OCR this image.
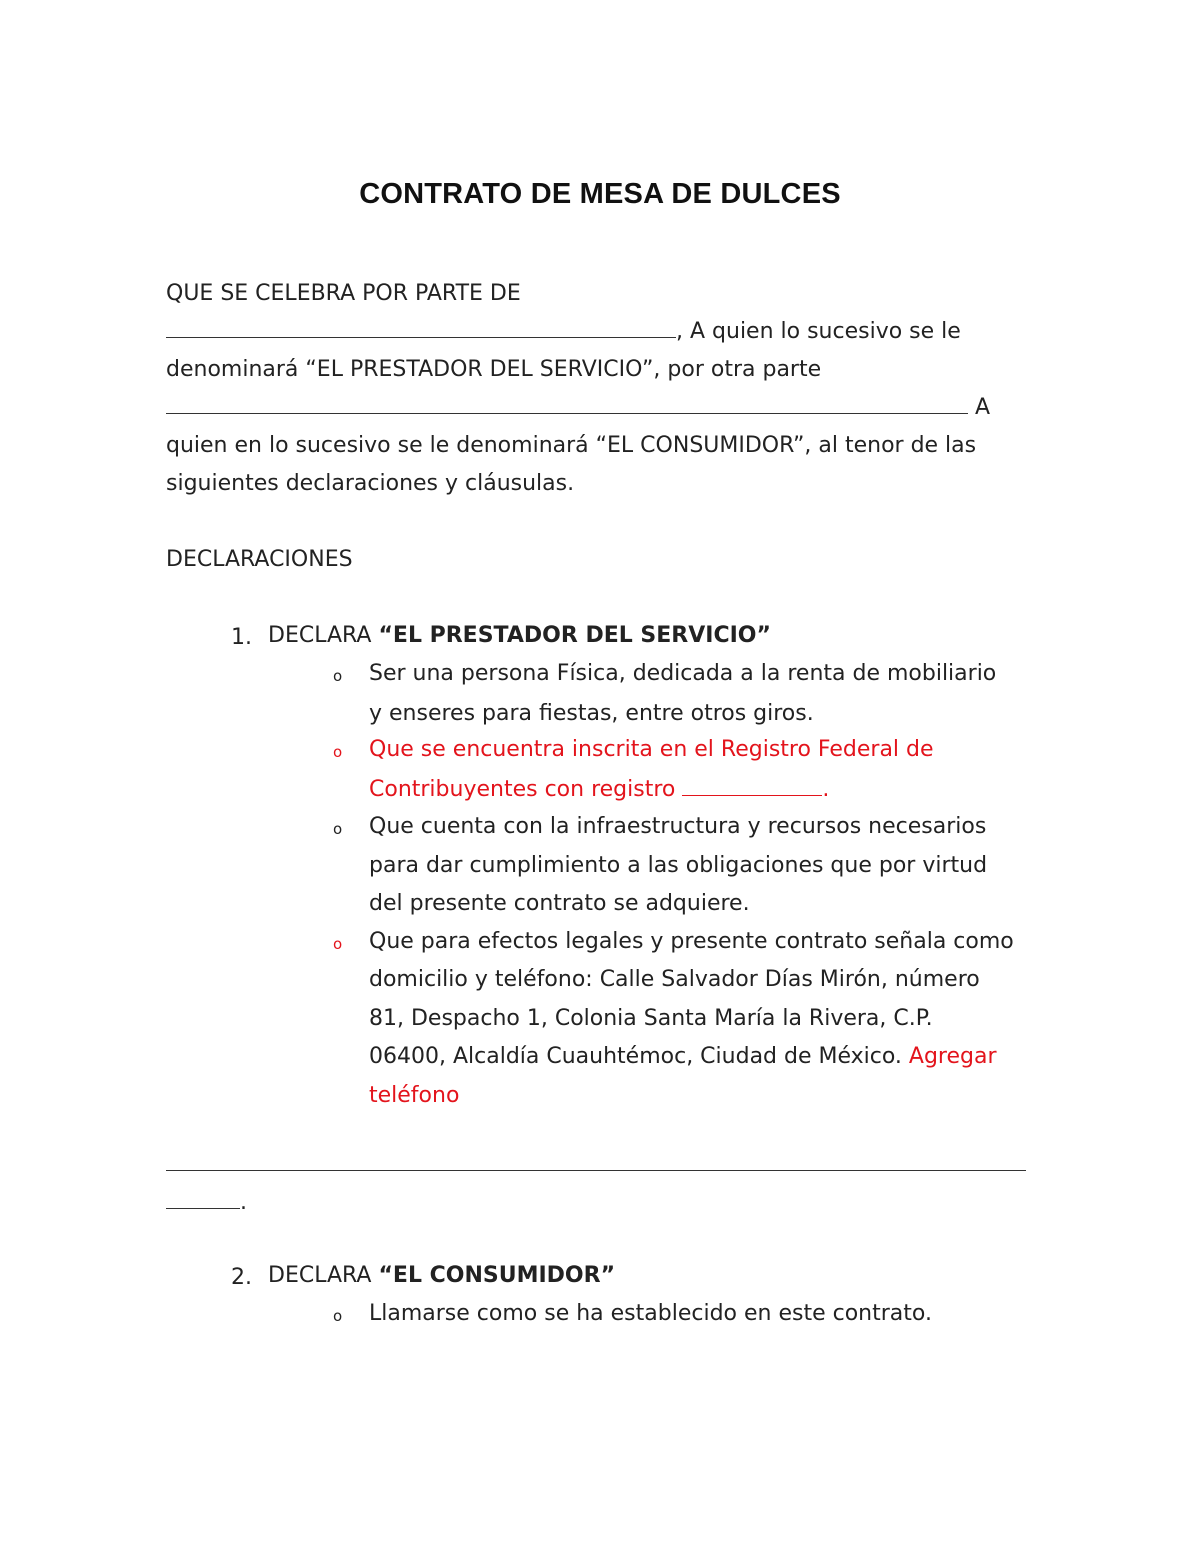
CONTRATO DE MESA DE DULCES
QUE SE CELEBRA POR PARTE DE
, A quien lo sucesivo se le
denominará “EL PRESTADOR DEL SERVICIO”, por otra parte
A
quien en lo sucesivo se le denominará “EL CONSUMIDOR”, al tenor de las
siguientes declaraciones y cláusulas.
DECLARACIONES
1. DECLARA “EL PRESTADOR DEL SERVICIO”
o Ser una persona Física, dedicada a la renta de mobiliario
y enseres para fiestas, entre otros giros.
o Que se encuentra inscrita en el Registro Federal de
Contribuyentes con registro	.
o Que cuenta con la infraestructura y recursos necesarios
para dar cumplimiento a las obligaciones que por virtud
del presente contrato se adquiere.
o Que para efectos legales y presente contrato señala como
domicilio y teléfono: Calle Salvador Días Mirón, número
81, Despacho 1, Colonia Santa María la Rivera, C.P.
06400, Alcaldía Cuauhtémoc, Ciudad de México. Agregar
teléfono
.
2. DECLARA “EL CONSUMIDOR”
o Llamarse como se ha establecido en este contrato.
